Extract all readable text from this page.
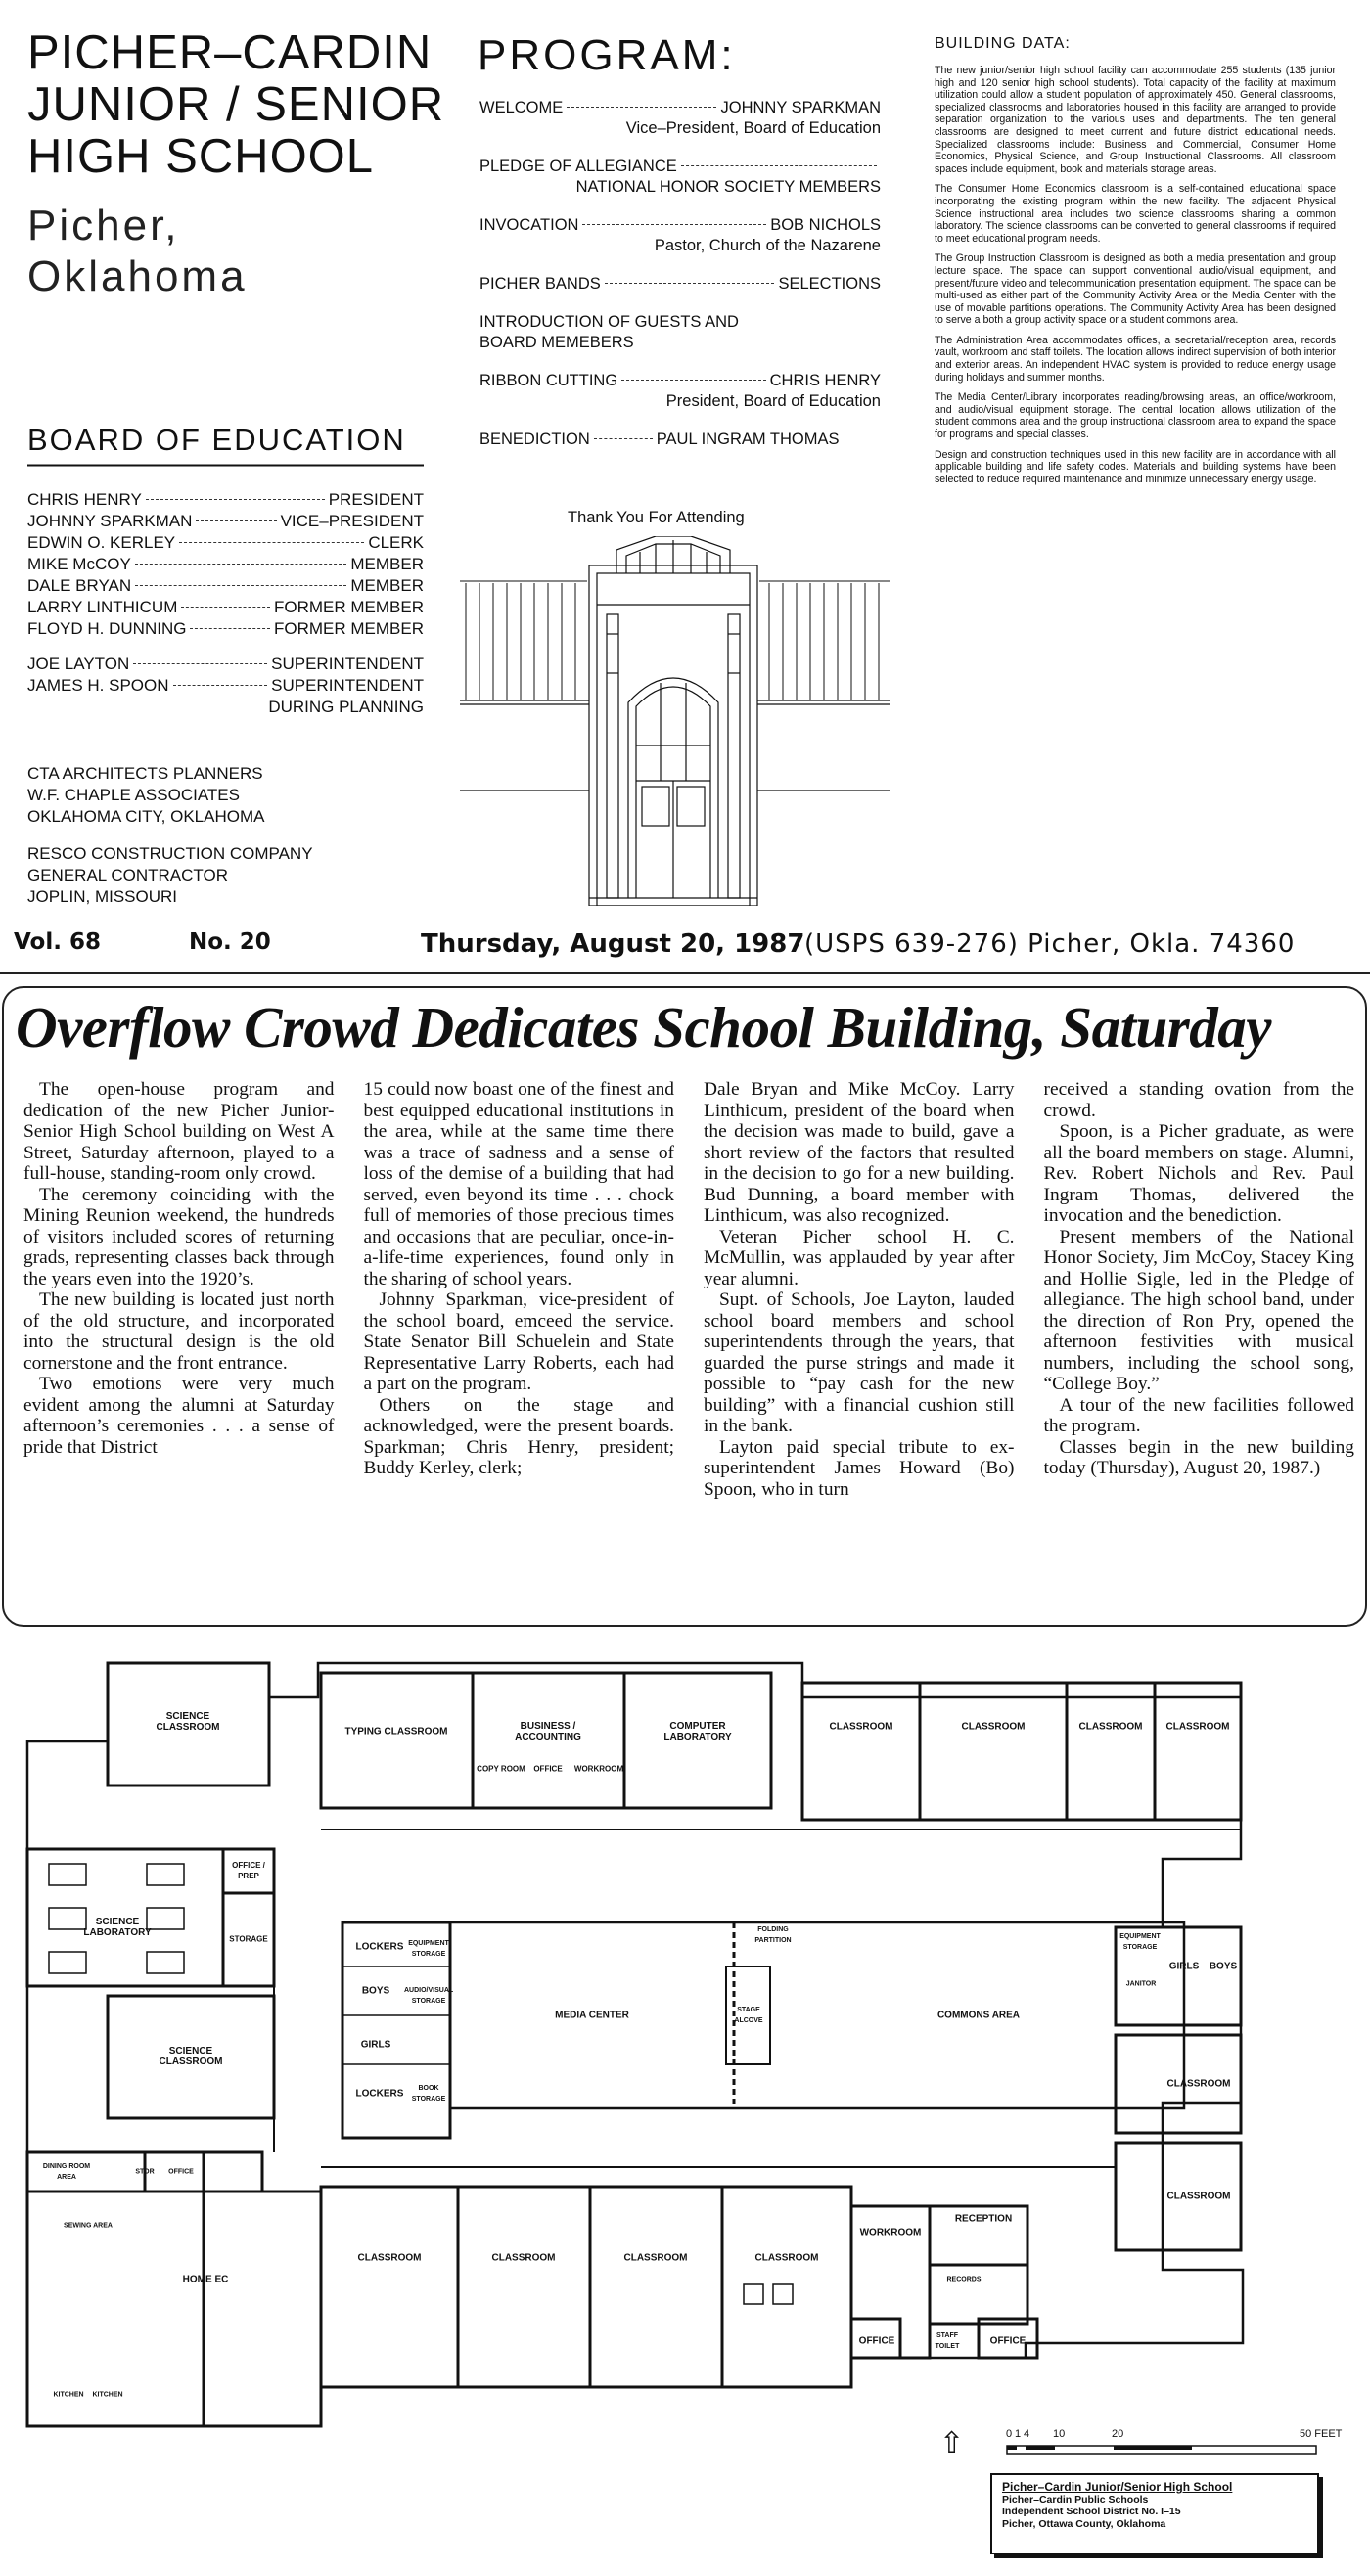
PICHER–CARDIN
JUNIOR / SENIOR
HIGH SCHOOL
Picher,
Oklahoma
BOARD OF EDUCATION
CHRIS HENRY	PRESIDENT
JOHNNY SPARKMAN	VICE–PRESIDENT
EDWIN O. KERLEY	CLERK
MIKE McCOY	MEMBER
DALE BRYAN	MEMBER
LARRY LINTHICUM	FORMER MEMBER
FLOYD H. DUNNING	FORMER MEMBER
JOE LAYTON	SUPERINTENDENT
JAMES H. SPOON	SUPERINTENDENT
DURING PLANNING
CTA ARCHITECTS PLANNERS
W.F. CHAPLE ASSOCIATES
OKLAHOMA CITY, OKLAHOMA
RESCO CONSTRUCTION COMPANY
GENERAL CONTRACTOR
JOPLIN, MISSOURI
PROGRAM:
WELCOME	JOHNNY SPARKMAN
Vice–President, Board of Education
PLEDGE OF ALLEGIANCE
NATIONAL HONOR SOCIETY MEMBERS
INVOCATION	BOB NICHOLS
Pastor, Church of the Nazarene
PICHER BANDS	SELECTIONS
INTRODUCTION OF GUESTS AND
BOARD MEMEBERS
RIBBON CUTTING	CHRIS HENRY
President, Board of Education
BENEDICTION	PAUL INGRAM THOMAS
Thank You For Attending
BUILDING DATA:

The new junior/senior high school facility can accommodate 255 students (135 junior high and 120 senior high school students). Total capacity of the facility at maximum utilization could allow a student population of approximately 450. General classrooms, specialized classrooms and laboratories housed in this facility are arranged to provide separation organization to the various uses and departments. The ten general classrooms are designed to meet current and future district educational needs. Specialized classrooms include: Business and Commercial, Consumer Home Economics, Physical Science, and Group Instructional Classrooms. All classroom spaces include equipment, book and materials storage areas.

The Consumer Home Economics classroom is a self-contained educational space incorporating the existing program within the new facility. The adjacent Physical Science instructional area includes two science classrooms sharing a common laboratory. The science classrooms can be converted to general classrooms if required to meet educational program needs.

The Group Instruction Classroom is designed as both a media presentation and group lecture space. The space can support conventional audio/visual equipment, and present/future video and telecommunication presentation equipment. The space can be multi-used as either part of the Community Activity Area or the Media Center with the use of movable partitions operations. The Community Activity Area has been designed to serve a both a group activity space or a student commons area.

The Administration Area accommodates offices, a secretarial/reception area, records vault, workroom and staff toilets. The location allows indirect supervision of both interior and exterior areas. An independent HVAC system is provided to reduce energy usage during holidays and summer months.

The Media Center/Library incorporates reading/browsing areas, an office/workroom, and audio/visual equipment storage. The central location allows utilization of the student commons area and the group instructional classroom area to expand the space for programs and special classes.

Design and construction techniques used in this new facility are in accordance with all applicable building and life safety codes. Materials and building systems have been selected to reduce required maintenance and minimize unnecessary energy usage.

Vol. 68	No. 20	Thursday, August 20, 1987 (USPS 639-276) Picher, Okla. 74360
Overflow Crowd Dedicates School Building, Saturday

The open-house program and dedication of the new Picher Junior-Senior High School building on West A Street, Saturday afternoon, played to a full-house, standing-room only crowd.

The ceremony coinciding with the Mining Reunion weekend, the hundreds of visitors included scores of returning grads, representing classes back through the years even into the 1920’s.

The new building is located just north of the old structure, and incorporated into the structural design is the old cornerstone and the front entrance.

Two emotions were very much evident among the alumni at Saturday afternoon’s ceremonies . . . a sense of pride that District

15 could now boast one of the finest and best equipped educational institutions in the area, while at the same time there was a trace of sadness and a sense of loss of the demise of a building that had served, even beyond its time . . . chock full of memories of those precious times and occasions that are peculiar, once-in-a-life-time experiences, found only in the sharing of school years.

Johnny Sparkman, vice-president of the school board, emceed the service. State Senator Bill Schuelein and State Representative Larry Roberts, each had a part on the program.

Others on the stage and acknowledged, were the present boards. Sparkman; Chris Henry, president; Buddy Kerley, clerk;

Dale Bryan and Mike McCoy. Larry Linthicum, president of the board when the decision was made to build, gave a short review of the factors that resulted in the decision to go for a new building. Bud Dunning, a board member with Linthicum, was also recognized.

Veteran Picher school H. C. McMullin, was applauded by year after year alumni.

Supt. of Schools, Joe Layton, lauded school board members and school superintendents through the years, that guarded the purse strings and made it possible to “pay cash for the new building” with a financial cushion still in the bank.

Layton paid special tribute to ex-superintendent James Howard (Bo) Spoon, who in turn

received a standing ovation from the crowd.

Spoon, is a Picher graduate, as were all the board members on stage. Alumni, Rev. Robert Nichols and Rev. Paul Ingram Thomas, delivered the invocation and the benediction.

Present members of the National Honor Society, Jim McCoy, Stacey King and Hollie Sigle, led in the Pledge of allegiance. The high school band, under the direction of Ron Pry, opened the afternoon festivities with musical numbers, including the school song, “College Boy.”

A tour of the new facilities followed the program.

Classes begin in the new building today (Thursday), August 20, 1987.)

SCIENCE CLASSROOM	TYPING CLASSROOM	BUSINESS / ACCOUNTING
COMPUTER LABORATORY
CLASSROOM	CLASSROOM	CLASSROOM CLASSROOM
SCIENCE LABORATORY
OFFICE / PREP
STORAGE
SCIENCE CLASSROOM
COPY ROOM OFFICE WORKROOM
LOCKERS
BOYS
GIRLS
LOCKERS
EQUIPMENT STORAGE
AUDIO/VISUAL STORAGE
BOOK STORAGE
MEDIA CENTER	STAGE ALCOVE
FOLDING PARTITION
COMMONS AREA
EQUIPMENT STORAGE
JANITOR
GIRLS BOYS
CLASSROOM
CLASSROOM
CLASSROOM	CLASSROOM	CLASSROOM	CLASSROOM
WORKROOM
RECEPTION
RECORDS
OFFICE	STAFF TOILET	OFFICE
DINING ROOM AREA
STOR OFFICE
SEWING AREA
HOME EC
KITCHEN KITCHEN
⇧	0 1 4 10	20	50 FEET
Picher–Cardin Junior/Senior High School
Picher–Cardin Public Schools
Independent School District No. I–15
Picher, Ottawa County, Oklahoma
